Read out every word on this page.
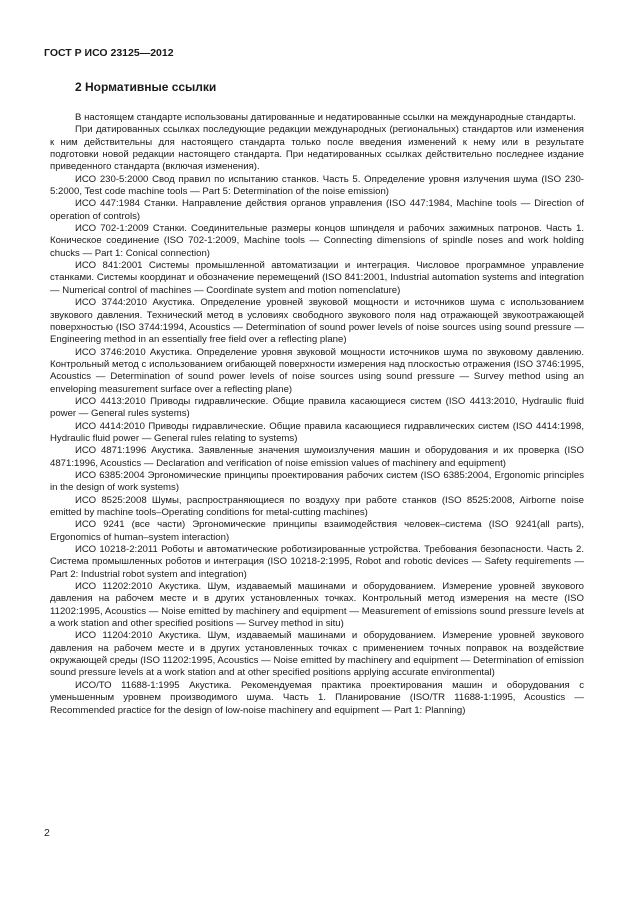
ГОСТ Р ИСО 23125—2012
2 Нормативные ссылки

В настоящем стандарте использованы датированные и недатированные ссылки на международные стандарты.

При датированных ссылках последующие редакции международных (региональных) стандартов или изменения к ним действительны для настоящего стандарта только после введения изменений к нему или в результате подготовки новой редакции настоящего стандарта. При недатированных ссылках действительно последнее издание приведенного стандарта (включая изменения).

ИСО 230-5:2000 Свод правил по испытанию станков. Часть 5. Определение уровня излучения шума (ISO 230-5:2000, Test code machine tools — Part 5: Determination of the noise emission)

ИСО 447:1984 Станки. Направление действия органов управления (ISO 447:1984, Machine tools — Direction of operation of controls)

ИСО 702-1:2009 Станки. Соединительные размеры концов шпинделя и рабочих зажимных патронов. Часть 1. Коническое соединение (ISO 702-1:2009, Machine tools — Connecting dimensions of spindle noses and work holding chucks — Part 1: Conical connection)

ИСО 841:2001 Системы промышленной автоматизации и интеграция. Числовое программное управление станками. Системы координат и обозначение перемещений (ISO 841:2001, Industrial automation systems and integration — Numerical control of machines — Coordinate system and motion nomenclature)

ИСО 3744:2010 Акустика. Определение уровней звуковой мощности и источников шума с использованием звукового давления. Технический метод в условиях свободного звукового поля над отражающей звукоотражающей поверхностью (ISO 3744:1994, Acoustics — Determination of sound power levels of noise sources using sound pressure — Engineering method in an essentially free field over a reflecting plane)

ИСО 3746:2010 Акустика. Определение уровня звуковой мощности источников шума по звуковому давлению. Контрольный метод с использованием огибающей поверхности измерения над плоскостью отражения (ISO 3746:1995, Acoustics — Determination of sound power levels of noise sources using sound pressure — Survey method using an enveloping measurement surface over a reflecting plane)

ИСО 4413:2010 Приводы гидравлические. Общие правила касающиеся систем (ISO 4413:2010, Hydraulic fluid power — General rules systems)

ИСО 4414:2010 Приводы гидравлические. Общие правила касающиеся гидравлических систем (ISO 4414:1998, Hydraulic fluid power — General rules relating to systems)

ИСО 4871:1996 Акустика. Заявленные значения шумоизлучения машин и оборудования и их проверка (ISO 4871:1996, Acoustics — Declaration and verification of noise emission values of machinery and equipment)

ИСО 6385:2004 Эргономические принципы проектирования рабочих систем (ISO 6385:2004, Ergonomic principles in the design of work systems)

ИСО 8525:2008 Шумы, распространяющиеся по воздуху при работе станков (ISO 8525:2008, Airborne noise emitted by machine tools–Operating conditions for metal-cutting machines)

ИСО 9241 (все части) Эргономические принципы взаимодействия человек–система (ISO 9241(all parts), Ergonomics of human–system interaction)

ИСО 10218-2:2011 Роботы и автоматические роботизированные устройства. Требования безопасности. Часть 2. Система промышленных роботов и интеграция (ISO 10218-2:1995, Robot and robotic devices — Safety requirements — Part 2: Industrial robot system and integration)

ИСО 11202:2010 Акустика. Шум, издаваемый машинами и оборудованием. Измерение уровней звукового давления на рабочем месте и в других установленных точках. Контрольный метод измерения на месте (ISO 11202:1995, Acoustics — Noise emitted by machinery and equipment — Measurement of emissions sound pressure levels at a work station and other specified positions — Survey method in situ)

ИСО 11204:2010 Акустика. Шум, издаваемый машинами и оборудованием. Измерение уровней звукового давления на рабочем месте и в других установленных точках с применением точных поправок на воздействие окружающей среды (ISO 11202:1995, Acoustics — Noise emitted by machinery and equipment — Determination of emission sound pressure levels at a work station and at other specified positions applying accurate environmental)

ИСО/ТО 11688-1:1995 Акустика. Рекомендуемая практика проектирования машин и оборудования с уменьшенным уровнем производимого шума. Часть 1. Планирование (ISO/TR 11688-1:1995, Acoustics — Recommended practice for the design of low-noise machinery and equipment — Part 1: Planning)

2
